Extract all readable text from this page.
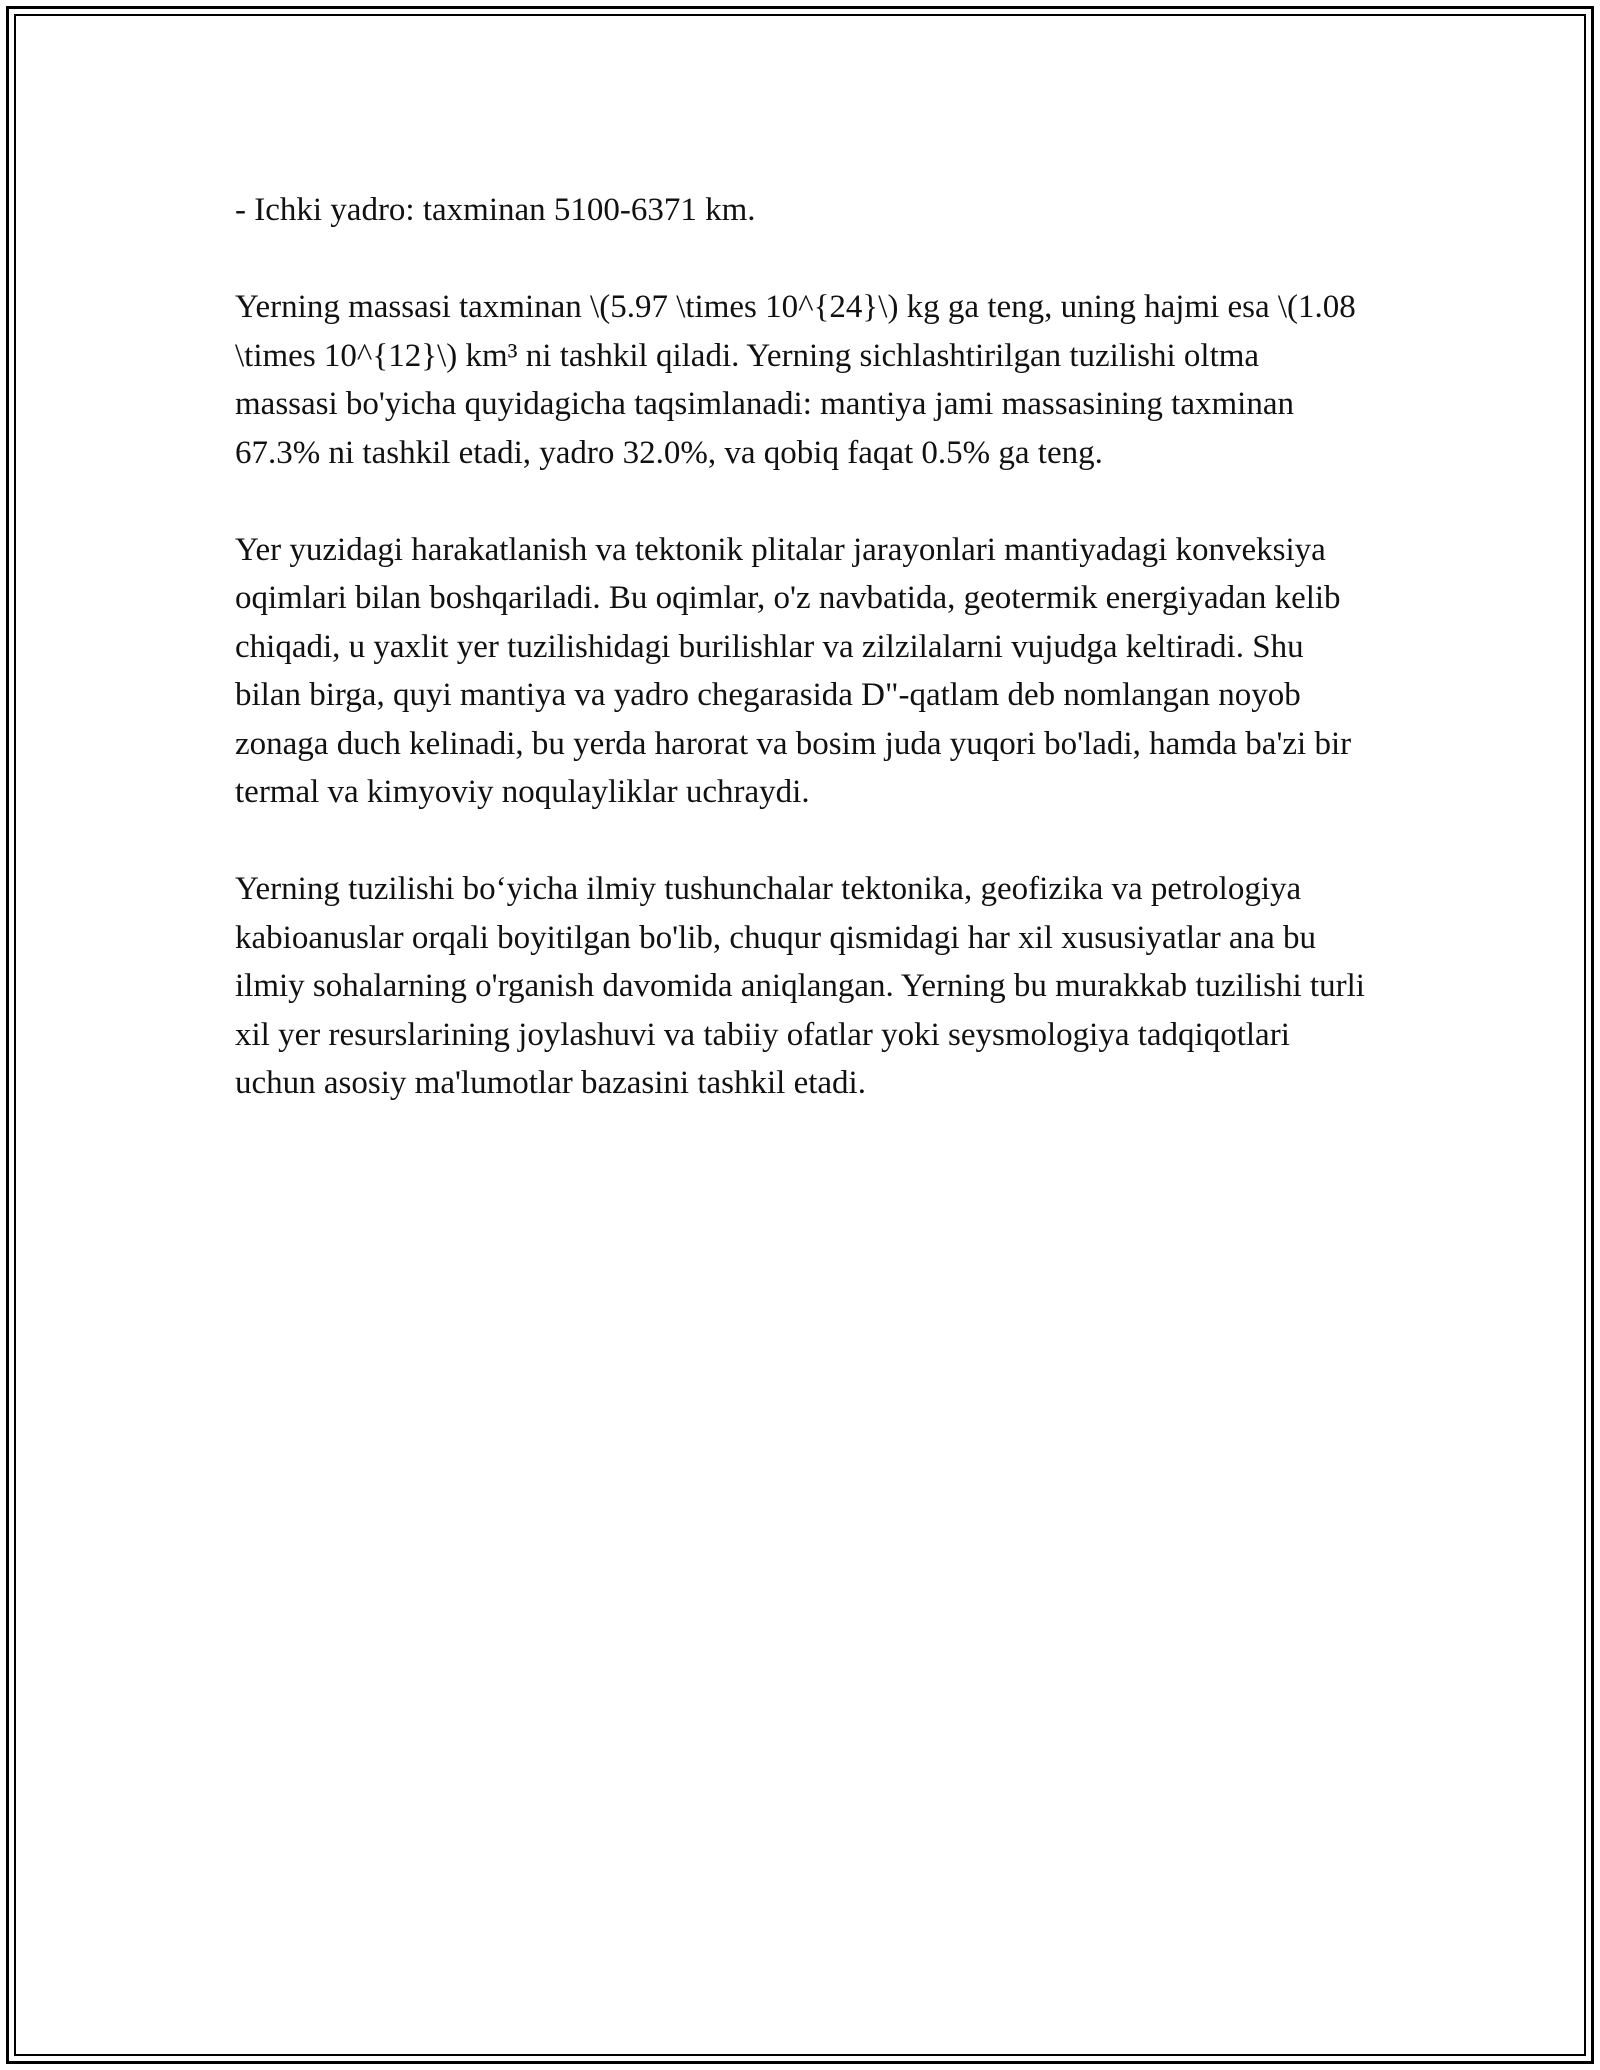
- Ichki yadro: taxminan 5100-6371 km.

Yerning massasi taxminan \(5.97 \times 10^{24}\) kg ga teng, uning hajmi esa \(1.08 \times 10^{12}\) km³ ni tashkil qiladi. Yerning sichlashtirilgan tuzilishi oltma massasi bo'yicha quyidagicha taqsimlanadi: mantiya jami massasining taxminan 67.3% ni tashkil etadi, yadro 32.0%, va qobiq faqat 0.5% ga teng.

Yer yuzidagi harakatlanish va tektonik plitalar jarayonlari mantiyadagi konveksiya oqimlari bilan boshqariladi. Bu oqimlar, o'z navbatida, geotermik energiyadan kelib chiqadi, u yaxlit yer tuzilishidagi burilishlar va zilzilalarni vujudga keltiradi. Shu bilan birga, quyi mantiya va yadro chegarasida D"-qatlam deb nomlangan noyob zonaga duch kelinadi, bu yerda harorat va bosim juda yuqori bo'ladi, hamda ba'zi bir termal va kimyoviy noqulayliklar uchraydi.

Yerning tuzilishi bo‘yicha ilmiy tushunchalar tektonika, geofizika va petrologiya kabioanuslar orqali boyitilgan bo'lib, chuqur qismidagi har xil xususiyatlar ana bu ilmiy sohalarning o'rganish davomida aniqlangan. Yerning bu murakkab tuzilishi turli xil yer resurslarining joylashuvi va tabiiy ofatlar yoki seysmologiya tadqiqotlari uchun asosiy ma'lumotlar bazasini tashkil etadi.
